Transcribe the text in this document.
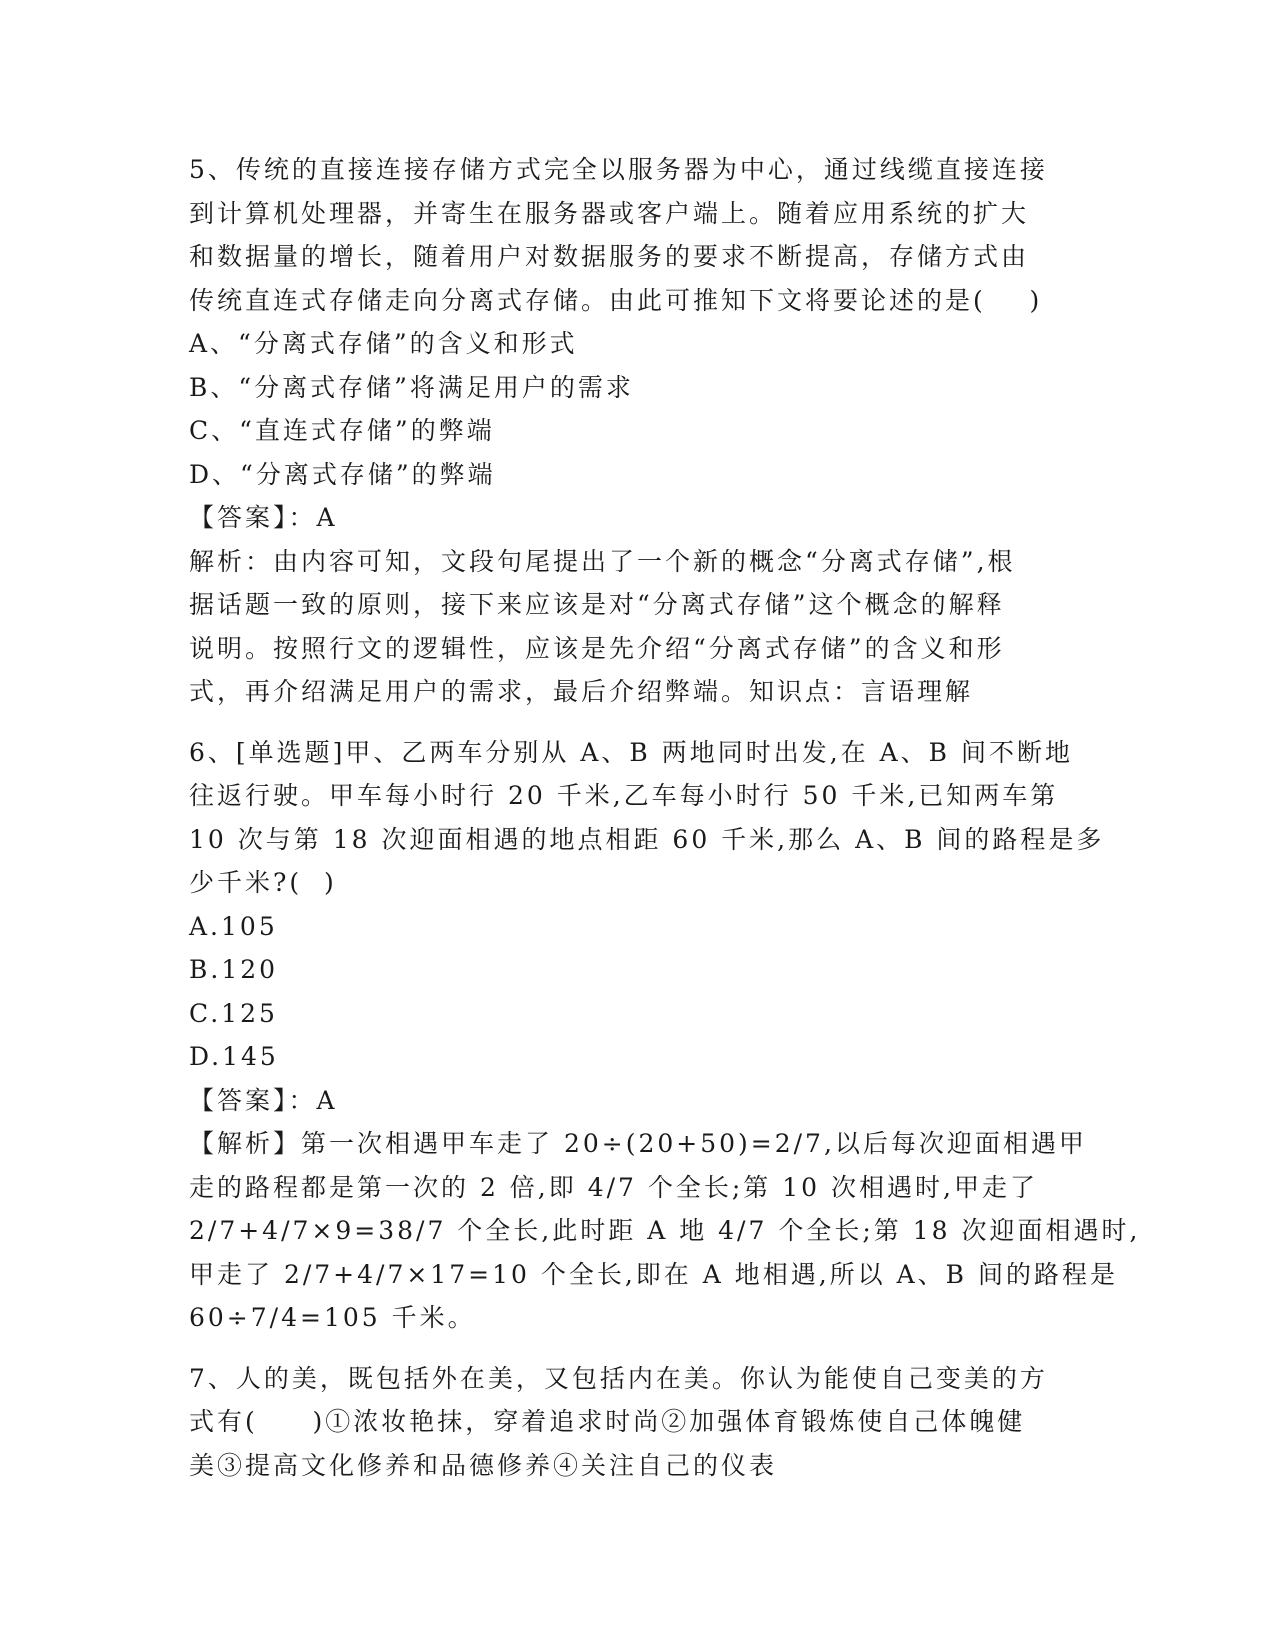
5、传统的直接连接存储方式完全以服务器为中心，通过线缆直接连接
到计算机处理器，并寄生在服务器或客户端上。随着应用系统的扩大
和数据量的增长，随着用户对数据服务的要求不断提高，存储方式由
传统直连式存储走向分离式存储。由此可推知下文将要论述的是(    )
A、“分离式存储”的含义和形式
B、“分离式存储”将满足用户的需求
C、“直连式存储”的弊端
D、“分离式存储”的弊端
【答案】：A
解析：由内容可知，文段句尾提出了一个新的概念“分离式存储”,根
据话题一致的原则，接下来应该是对“分离式存储”这个概念的解释
说明。按照行文的逻辑性，应该是先介绍“分离式存储”的含义和形
式，再介绍满足用户的需求，最后介绍弊端。知识点：言语理解
6、[单选题]甲、乙两车分别从 A、B 两地同时出发,在 A、B 间不断地
往返行驶。甲车每小时行 20 千米,乙车每小时行 50 千米,已知两车第
10 次与第 18 次迎面相遇的地点相距 60 千米,那么 A、B 间的路程是多
少千米?(  )
A.105
B.120
C.125
D.145
【答案】：A
【解析】第一次相遇甲车走了 20÷(20+50)=2/7,以后每次迎面相遇甲
走的路程都是第一次的 2 倍,即 4/7 个全长;第 10 次相遇时,甲走了
2/7+4/7×9=38/7 个全长,此时距 A 地 4/7 个全长;第 18 次迎面相遇时,
甲走了 2/7+4/7×17=10 个全长,即在 A 地相遇,所以 A、B 间的路程是
60÷7/4=105 千米。
7、人的美，既包括外在美，又包括内在美。你认为能使自己变美的方
式有(     )①浓妆艳抹，穿着追求时尚②加强体育锻炼使自己体魄健
美③提高文化修养和品德修养④关注自己的仪表
